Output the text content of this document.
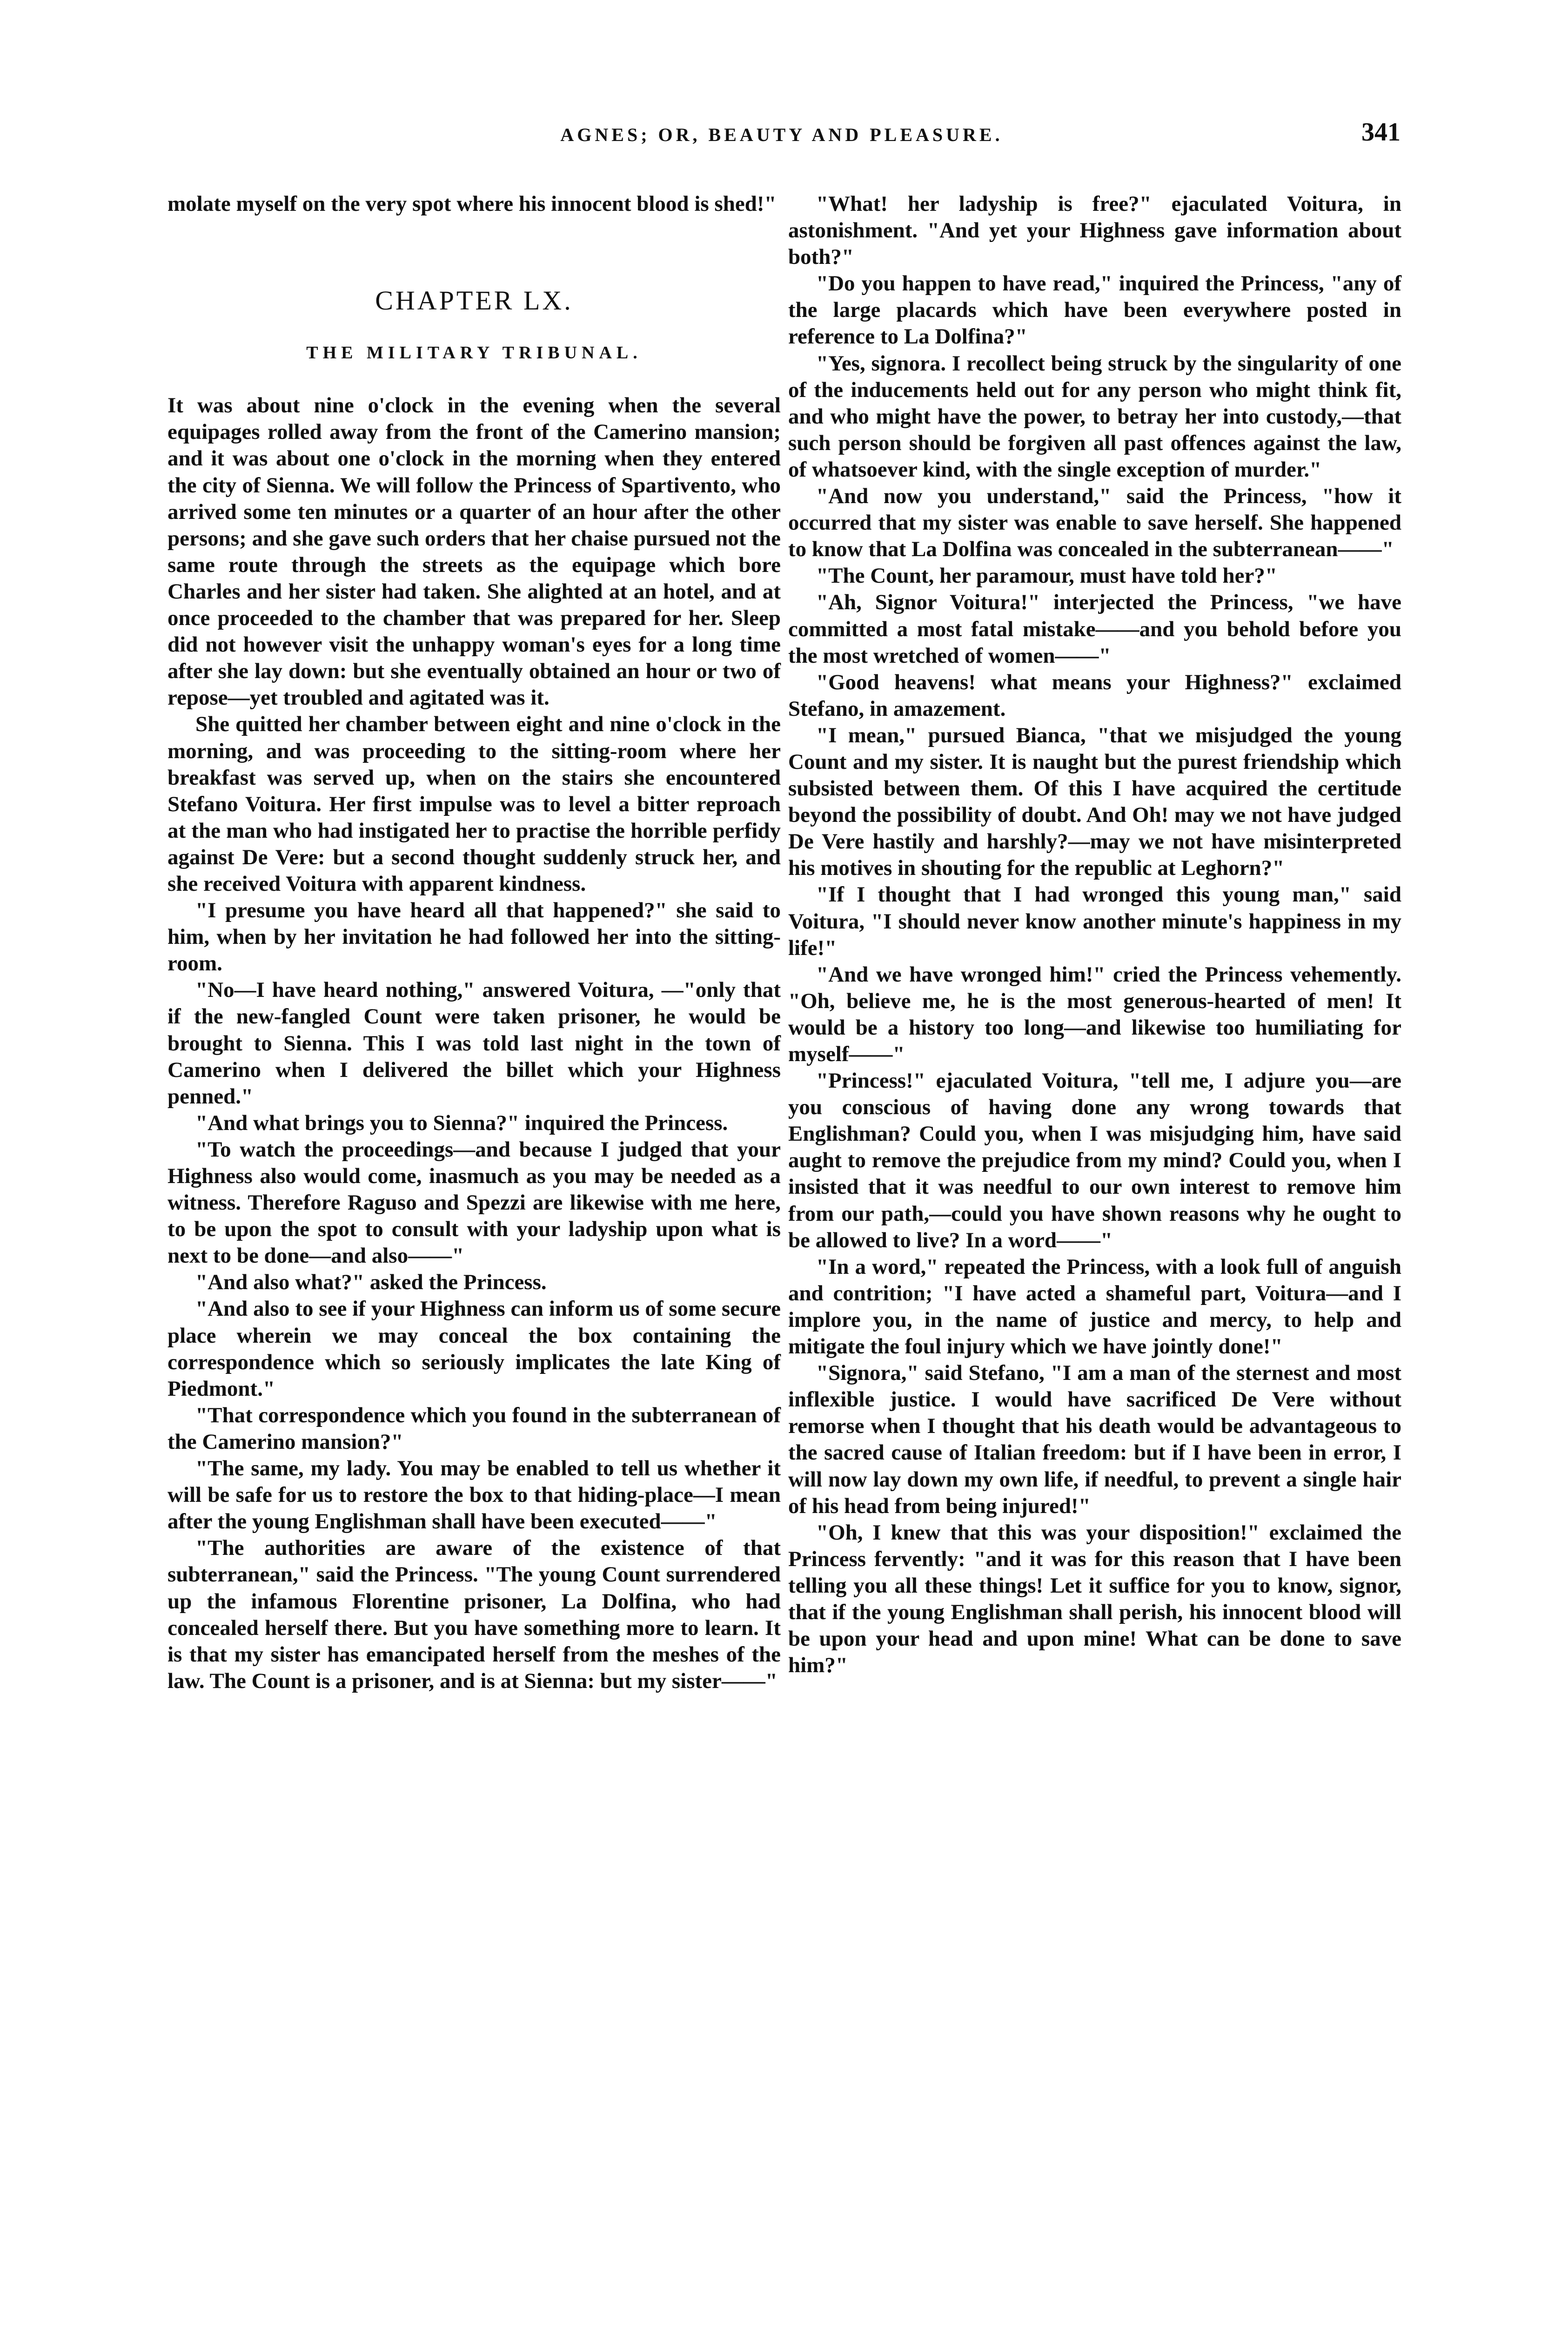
AGNES; OR, BEAUTY AND PLEASURE.	341

molate myself on the very spot where his innocent blood is shed!"

CHAPTER LX.
THE MILITARY TRIBUNAL.

It was about nine o'clock in the evening when the several equipages rolled away from the front of the Camerino mansion; and it was about one o'clock in the morning when they entered the city of Sienna. We will follow the Princess of Spartivento, who arrived some ten minutes or a quarter of an hour after the other persons; and she gave such orders that her chaise pursued not the same route through the streets as the equipage which bore Charles and her sister had taken. She alighted at an hotel, and at once proceeded to the chamber that was prepared for her. Sleep did not however visit the unhappy woman's eyes for a long time after she lay down: but she eventually obtained an hour or two of repose—yet troubled and agitated was it.

She quitted her chamber between eight and nine o'clock in the morning, and was proceeding to the sitting-room where her breakfast was served up, when on the stairs she encountered Stefano Voitura. Her first impulse was to level a bitter reproach at the man who had instigated her to practise the horrible perfidy against De Vere: but a second thought suddenly struck her, and she received Voitura with apparent kindness.

"I presume you have heard all that happened?" she said to him, when by her invitation he had followed her into the sitting-room.

"No—I have heard nothing," answered Voitura, —"only that if the new-fangled Count were taken prisoner, he would be brought to Sienna. This I was told last night in the town of Camerino when I delivered the billet which your Highness penned."

"And what brings you to Sienna?" inquired the Princess.

"To watch the proceedings—and because I judged that your Highness also would come, inasmuch as you may be needed as a witness. Therefore Raguso and Spezzi are likewise with me here, to be upon the spot to consult with your ladyship upon what is next to be done—and also——"

"And also what?" asked the Princess.

"And also to see if your Highness can inform us of some secure place wherein we may conceal the box containing the correspondence which so seriously implicates the late King of Piedmont."

"That correspondence which you found in the subterranean of the Camerino mansion?"

"The same, my lady. You may be enabled to tell us whether it will be safe for us to restore the box to that hiding-place—I mean after the young Englishman shall have been executed——"

"The authorities are aware of the existence of that subterranean," said the Princess. "The young Count surrendered up the infamous Florentine prisoner, La Dolfina, who had concealed herself there. But you have something more to learn. It is that my sister has emancipated herself from the meshes of the law. The Count is a prisoner, and is at Sienna: but my sister——"

"What! her ladyship is free?" ejaculated Voitura, in astonishment. "And yet your Highness gave information about both?"

"Do you happen to have read," inquired the Princess, "any of the large placards which have been everywhere posted in reference to La Dolfina?"

"Yes, signora. I recollect being struck by the singularity of one of the inducements held out for any person who might think fit, and who might have the power, to betray her into custody,—that such person should be forgiven all past offences against the law, of whatsoever kind, with the single exception of murder."

"And now you understand," said the Princess, "how it occurred that my sister was enable to save herself. She happened to know that La Dolfina was concealed in the subterranean——"

"The Count, her paramour, must have told her?"

"Ah, Signor Voitura!" interjected the Princess, "we have committed a most fatal mistake——and you behold before you the most wretched of women——"

"Good heavens! what means your Highness?" exclaimed Stefano, in amazement.

"I mean," pursued Bianca, "that we misjudged the young Count and my sister. It is naught but the purest friendship which subsisted between them. Of this I have acquired the certitude beyond the possibility of doubt. And Oh! may we not have judged De Vere hastily and harshly?—may we not have misinterpreted his motives in shouting for the republic at Leghorn?"

"If I thought that I had wronged this young man," said Voitura, "I should never know another minute's happiness in my life!"

"And we have wronged him!" cried the Princess vehemently. "Oh, believe me, he is the most generous-hearted of men! It would be a history too long—and likewise too humiliating for myself——"

"Princess!" ejaculated Voitura, "tell me, I adjure you—are you conscious of having done any wrong towards that Englishman? Could you, when I was misjudging him, have said aught to remove the prejudice from my mind? Could you, when I insisted that it was needful to our own interest to remove him from our path,—could you have shown reasons why he ought to be allowed to live? In a word——"

"In a word," repeated the Princess, with a look full of anguish and contrition; "I have acted a shameful part, Voitura—and I implore you, in the name of justice and mercy, to help and mitigate the foul injury which we have jointly done!"

"Signora," said Stefano, "I am a man of the sternest and most inflexible justice. I would have sacrificed De Vere without remorse when I thought that his death would be advantageous to the sacred cause of Italian freedom: but if I have been in error, I will now lay down my own life, if needful, to prevent a single hair of his head from being injured!"

"Oh, I knew that this was your disposition!" exclaimed the Princess fervently: "and it was for this reason that I have been telling you all these things! Let it suffice for you to know, signor, that if the young Englishman shall perish, his innocent blood will be upon your head and upon mine! What can be done to save him?"
